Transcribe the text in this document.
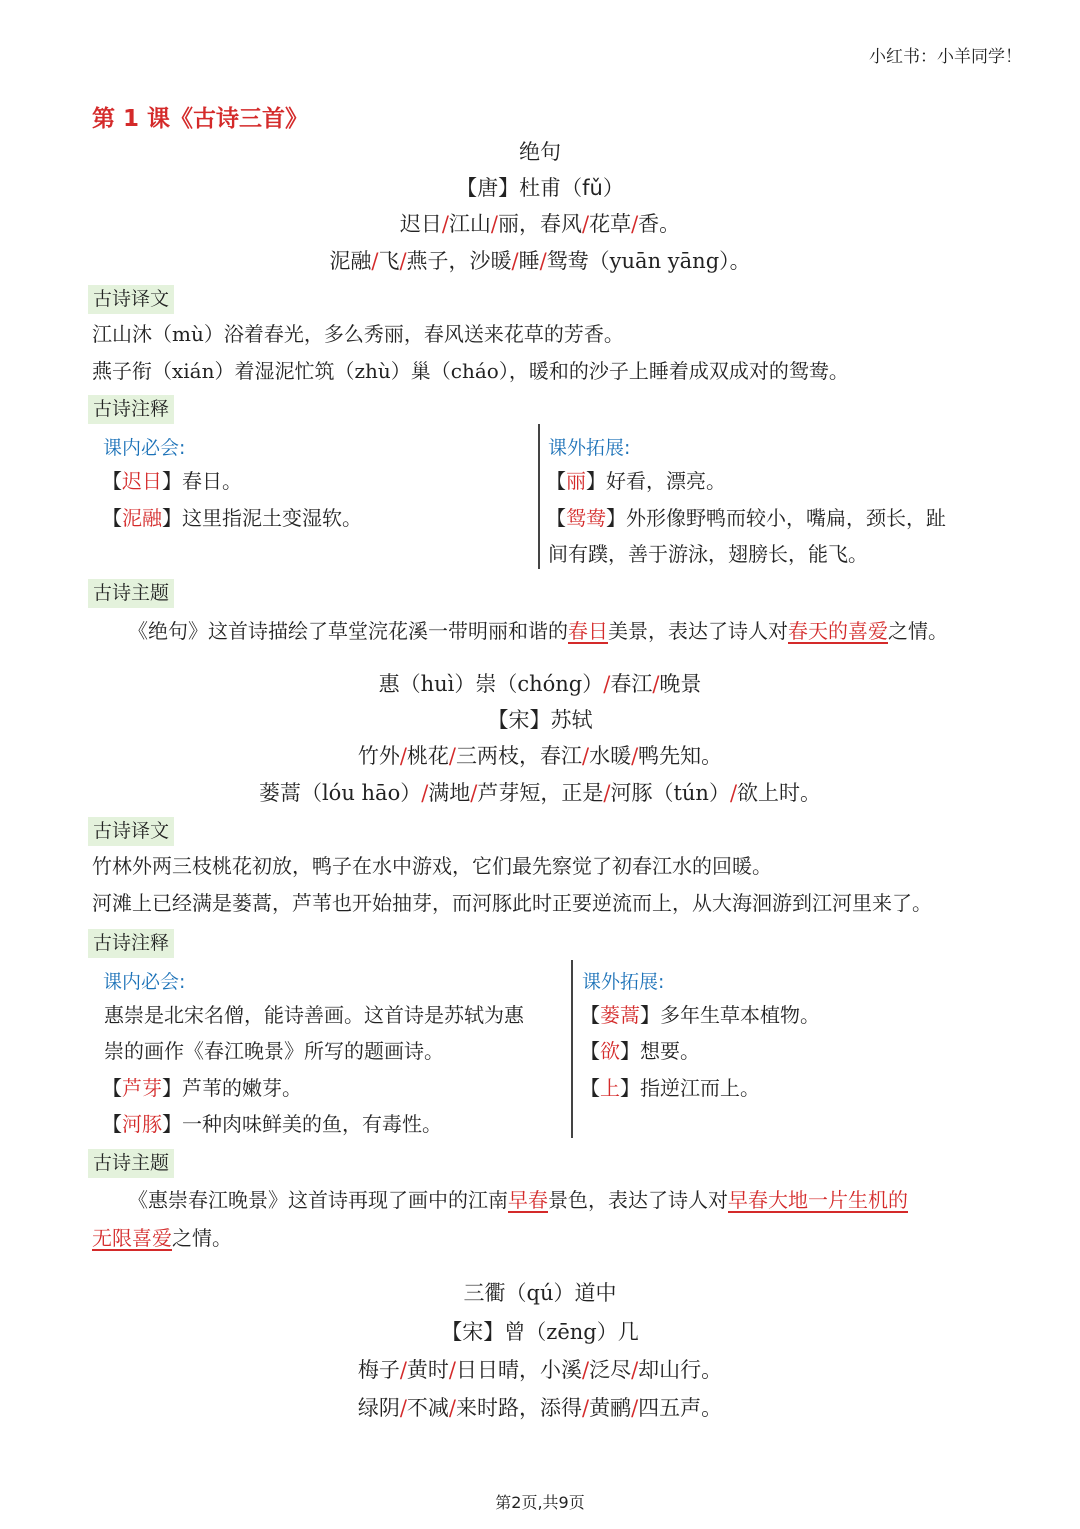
小红书：小羊同学！
第 1 课《古诗三首》
绝句
【唐】杜甫（fǔ）
迟日/江山/丽，春风/花草/香。
泥融/飞/燕子，沙暖/睡/鸳鸯（yuān yāng）。
古诗译文
江山沐（mù）浴着春光，多么秀丽，春风送来花草的芳香。
燕子衔（xián）着湿泥忙筑（zhù）巢（cháo），暖和的沙子上睡着成双成对的鸳鸯。
古诗注释
课内必会:
【迟日】春日。
【泥融】这里指泥土变湿软。
课外拓展:
【丽】好看，漂亮。
【鸳鸯】外形像野鸭而较小，嘴扁，颈长，趾
间有蹼，善于游泳，翅膀长，能飞。
古诗主题
《绝句》这首诗描绘了草堂浣花溪一带明丽和谐的春日美景，表达了诗人对春天的喜爱之情。
惠（huì）崇（chóng）/春江/晚景
【宋】苏轼
竹外/桃花/三两枝，春江/水暖/鸭先知。
蒌蒿（lóu hāo）/满地/芦芽短，正是/河豚（tún）/欲上时。
古诗译文
竹林外两三枝桃花初放，鸭子在水中游戏，它们最先察觉了初春江水的回暖。
河滩上已经满是蒌蒿，芦苇也开始抽芽，而河豚此时正要逆流而上，从大海洄游到江河里来了。
古诗注释
课内必会:
惠崇是北宋名僧，能诗善画。这首诗是苏轼为惠
崇的画作《春江晚景》所写的题画诗。
【芦芽】芦苇的嫩芽。
【河豚】一种肉味鲜美的鱼，有毒性。
课外拓展:
【蒌蒿】多年生草本植物。
【欲】想要。
【上】指逆江而上。
古诗主题
《惠崇春江晚景》这首诗再现了画中的江南早春景色，表达了诗人对早春大地一片生机的
无限喜爱之情。
三衢（qú）道中
【宋】曾（zēng）几
梅子/黄时/日日晴，小溪/泛尽/却山行。
绿阴/不减/来时路，添得/黄鹂/四五声。
第2页,共9页
